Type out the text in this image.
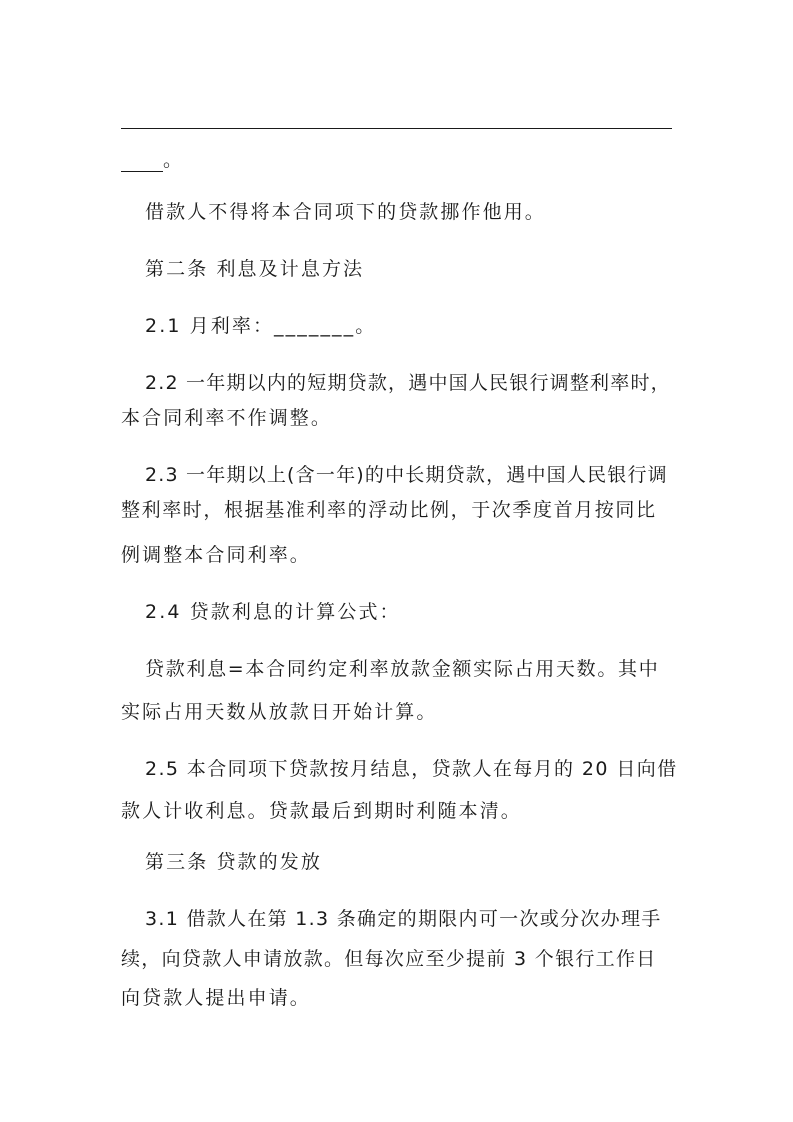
。
借款人不得将本合同项下的贷款挪作他用。
第二条 利息及计息方法
2.1 月利率：_______。
2.2 一年期以内的短期贷款，遇中国人民银行调整利率时，
本合同利率不作调整。
2.3 一年期以上(含一年)的中长期贷款，遇中国人民银行调
整利率时，根据基准利率的浮动比例，于次季度首月按同比
例调整本合同利率。
2.4 贷款利息的计算公式：
贷款利息=本合同约定利率放款金额实际占用天数。其中
实际占用天数从放款日开始计算。
2.5 本合同项下贷款按月结息，贷款人在每月的 20 日向借
款人计收利息。贷款最后到期时利随本清。
第三条 贷款的发放
3.1 借款人在第 1.3 条确定的期限内可一次或分次办理手
续，向贷款人申请放款。但每次应至少提前 3 个银行工作日
向贷款人提出申请。
